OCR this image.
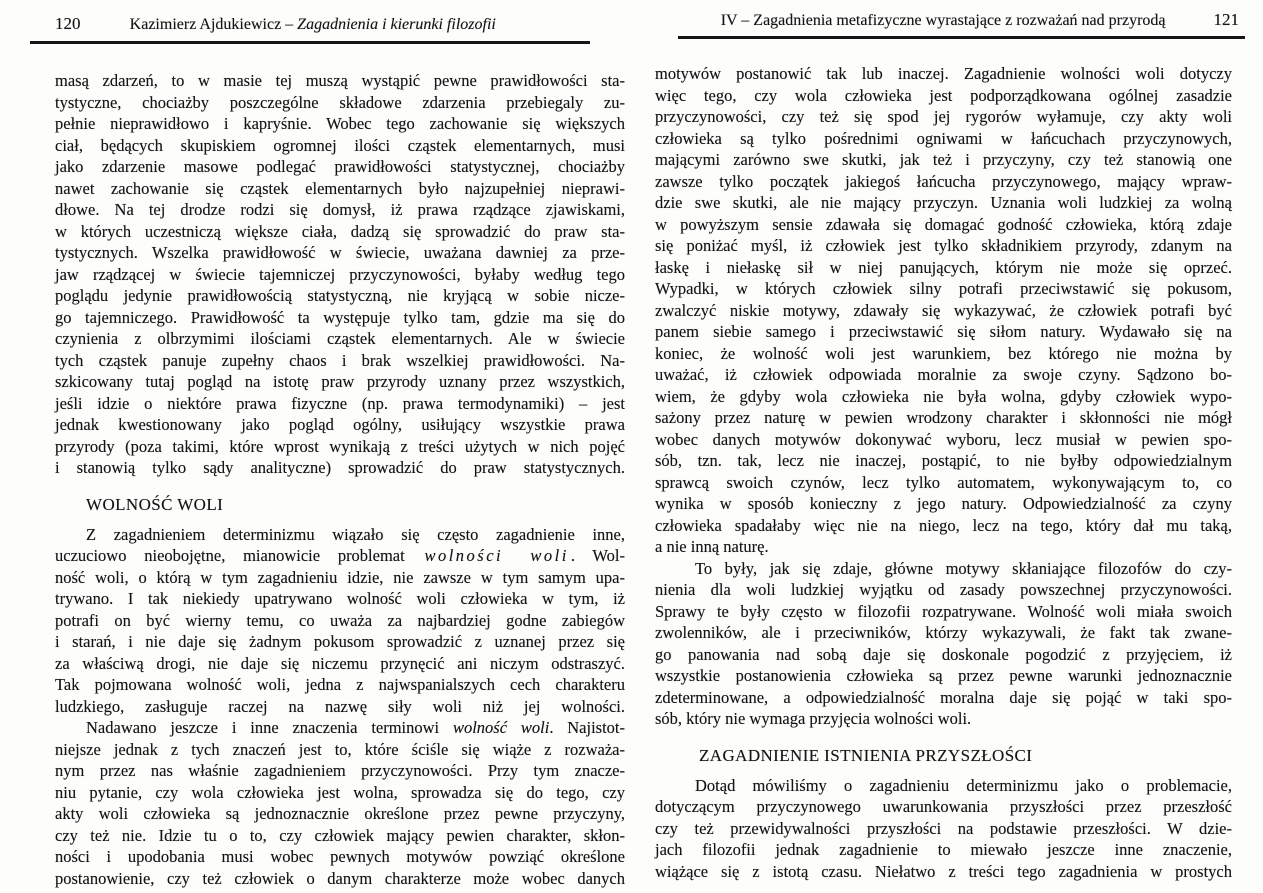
120	Kazimierz Ajdukiewicz – Zagadnienia i kierunki filozofii
masą zdarzeń, to w masie tej muszą wystąpić pewne prawidłowości sta-
tystyczne, chociażby poszczególne składowe zdarzenia przebiegaly zu-
pełnie nieprawidłowo i kapryśnie. Wobec tego zachowanie się większych
ciał, będących skupiskiem ogromnej ilości cząstek elementarnych, musi
jako zdarzenie masowe podlegać prawidłowości statystycznej, chociażby
nawet zachowanie się cząstek elementarnych było najzupełniej nieprawi-
dłowe. Na tej drodze rodzi się domysł, iż prawa rządzące zjawiskami,
w których uczestniczą większe ciała, dadzą się sprowadzić do praw sta-
tystycznych. Wszelka prawidłowość w świecie, uważana dawniej za prze-
jaw rządzącej w świecie tajemniczej przyczynowości, byłaby według tego
poglądu jedynie prawidłowością statystyczną, nie kryjącą w sobie nicze-
go tajemniczego. Prawidłowość ta występuje tylko tam, gdzie ma się do
czynienia z olbrzymimi ilościami cząstek elementarnych. Ale w świecie
tych cząstek panuje zupełny chaos i brak wszelkiej prawidłowości. Na-
szkicowany tutaj pogląd na istotę praw przyrody uznany przez wszystkich,
jeśli idzie o niektóre prawa fizyczne (np. prawa termodynamiki) – jest
jednak kwestionowany jako pogląd ogólny, usiłujący wszystkie prawa
przyrody (poza takimi, które wprost wynikają z treści użytych w nich pojęć
i stanowią tylko sądy analityczne) sprowadzić do praw statystycznych.
WOLNOŚĆ WOLI
Z zagadnieniem determinizmu wiązało się często zagadnienie inne,
uczuciowo nieobojętne, mianowicie problemat wolności woli . Wol-
ność woli, o którą w tym zagadnieniu idzie, nie zawsze w tym samym upa-
trywano. I tak niekiedy upatrywano wolność woli człowieka w tym, iż
potrafi on być wierny temu, co uważa za najbardziej godne zabiegów
i starań, i nie daje się żadnym pokusom sprowadzić z uznanej przez się
za właściwą drogi, nie daje się niczemu przynęcić ani niczym odstraszyć.
Tak pojmowana wolność woli, jedna z najwspanialszych cech charakteru
ludzkiego, zasługuje raczej na nazwę siły woli niż jej wolności.
Nadawano jeszcze i inne znaczenia terminowi wolność woli. Najistot-
niejsze jednak z tych znaczeń jest to, które ściśle się wiąże z rozważa-
nym przez nas właśnie zagadnieniem przyczynowości. Przy tym znacze-
niu pytanie, czy wola człowieka jest wolna, sprowadza się do tego, czy
akty woli człowieka są jednoznacznie określone przez pewne przyczyny,
czy też nie. Idzie tu o to, czy człowiek mający pewien charakter, skłon-
ności i upodobania musi wobec pewnych motywów powziąć określone
postanowienie, czy też człowiek o danym charakterze może wobec danych
IV – Zagadnienia metafizyczne wyrastające z rozważań nad przyrodą	121
motywów postanowić tak lub inaczej. Zagadnienie wolności woli dotyczy
więc tego, czy wola człowieka jest podporządkowana ogólnej zasadzie
przyczynowości, czy też się spod jej rygorów wyłamuje, czy akty woli
człowieka są tylko pośrednimi ogniwami w łańcuchach przyczynowych,
mającymi zarówno swe skutki, jak też i przyczyny, czy też stanowią one
zawsze tylko początek jakiegoś łańcucha przyczynowego, mający wpraw-
dzie swe skutki, ale nie mający przyczyn. Uznania woli ludzkiej za wolną
w powyższym sensie zdawała się domagać godność człowieka, którą zdaje
się poniżać myśl, iż człowiek jest tylko składnikiem przyrody, zdanym na
łaskę i niełaskę sił w niej panujących, którym nie może się oprzeć.
Wypadki, w których człowiek silny potrafi przeciwstawić się pokusom,
zwalczyć niskie motywy, zdawały się wykazywać, że człowiek potrafi być
panem siebie samego i przeciwstawić się siłom natury. Wydawało się na
koniec, że wolność woli jest warunkiem, bez którego nie można by
uważać, iż człowiek odpowiada moralnie za swoje czyny. Sądzono bo-
wiem, że gdyby wola człowieka nie była wolna, gdyby człowiek wypo-
sażony przez naturę w pewien wrodzony charakter i skłonności nie mógł
wobec danych motywów dokonywać wyboru, lecz musiał w pewien spo-
sób, tzn. tak, lecz nie inaczej, postąpić, to nie byłby odpowiedzialnym
sprawcą swoich czynów, lecz tylko automatem, wykonywającym to, co
wynika w sposób konieczny z jego natury. Odpowiedzialność za czyny
człowieka spadałaby więc nie na niego, lecz na tego, który dał mu taką,
a nie inną naturę.
To były, jak się zdaje, główne motywy skłaniające filozofów do czy-
nienia dla woli ludzkiej wyjątku od zasady powszechnej przyczynowości.
Sprawy te były często w filozofii rozpatrywane. Wolność woli miała swoich
zwolenników, ale i przeciwników, którzy wykazywali, że fakt tak zwane-
go panowania nad sobą daje się doskonale pogodzić z przyjęciem, iż
wszystkie postanowienia człowieka są przez pewne warunki jednoznacznie
zdeterminowane, a odpowiedzialność moralna daje się pojąć w taki spo-
sób, który nie wymaga przyjęcia wolności woli.
ZAGADNIENIE ISTNIENIA PRZYSZŁOŚCI
Dotąd mówiliśmy o zagadnieniu determinizmu jako o problemacie,
dotyczącym przyczynowego uwarunkowania przyszłości przez przeszłość
czy też przewidywalności przyszłości na podstawie przeszłości. W dzie-
jach filozofii jednak zagadnienie to miewało jeszcze inne znaczenie,
wiążące się z istotą czasu. Niełatwo z treści tego zagadnienia w prostych
